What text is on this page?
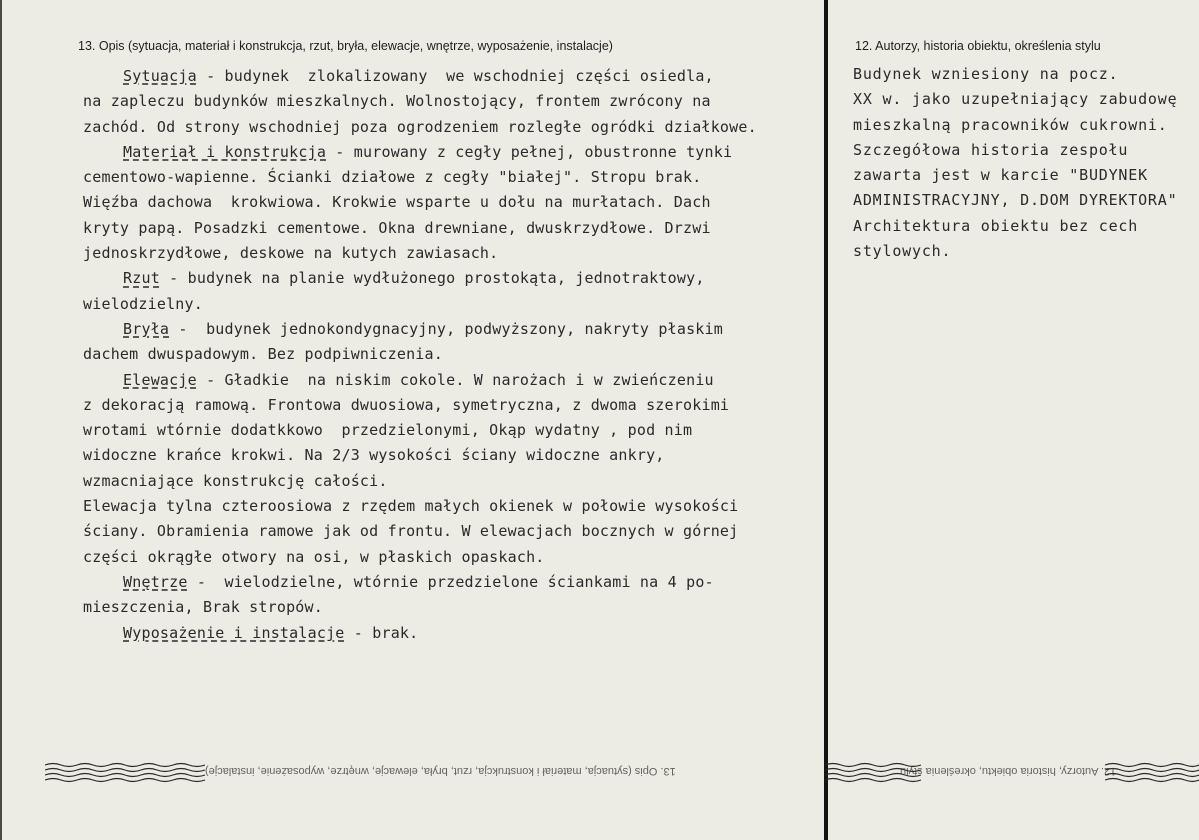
13. Opis (sytuacja, materiał i konstrukcja, rzut, bryła, elewacje, wnętrze, wyposażenie, instalacje)	12. Autorzy, historia obiektu, określenia stylu
Sytuacja - budynek  zlokalizowany  we wschodniej części osiedla,
na zapleczu budynków mieszkalnych. Wolnostojący, frontem zwrócony na
zachód. Od strony wschodniej poza ogrodzeniem rozległe ogródki działkowe.
Materiał i konstrukcja - murowany z cegły pełnej, obustronne tynki
cementowo-wapienne. Ścianki działowe z cegły "białej". Stropu brak.
Więźba dachowa  krokwiowa. Krokwie wsparte u dołu na murłatach. Dach
kryty papą. Posadzki cementowe. Okna drewniane, dwuskrzydłowe. Drzwi
jednoskrzydłowe, deskowe na kutych zawiasach.
Rzut - budynek na planie wydłużonego prostokąta, jednotraktowy,
wielodzielny.
Bryła -  budynek jednokondygnacyjny, podwyższony, nakryty płaskim
dachem dwuspadowym. Bez podpiwniczenia.
Elewacje - Gładkie  na niskim cokole. W narożach i w zwieńczeniu
z dekoracją ramową. Frontowa dwuosiowa, symetryczna, z dwoma szerokimi
wrotami wtórnie dodatkkowo  przedzielonymi, Okąp wydatny , pod nim
widoczne krańce krokwi. Na 2/3 wysokości ściany widoczne ankry,
wzmacniające konstrukcję całości.
Elewacja tylna czteroosiowa z rzędem małych okienek w połowie wysokości
ściany. Obramienia ramowe jak od frontu. W elewacjach bocznych w górnej
części okrągłe otwory na osi, w płaskich opaskach.
Wnętrze -  wielodzielne, wtórnie przedzielone ściankami na 4 po-
mieszczenia, Brak stropów.
Wyposażenie i instalacje - brak.
Budynek wzniesiony na pocz.
XX w. jako uzupełniający zabudowę
mieszkalną pracowników cukrowni.
Szczegółowa historia zespołu
zawarta jest w karcie "BUDYNEK
ADMINISTRACYJNY, D.DOM DYREKTORA"
Architektura obiektu bez cech
stylowych.
13. Opis (sytuacja, materiał i konstrukcja, rzut, bryła, elewacje, wnętrze, wyposażenie, instalacje)	12. Autorzy, historia obiektu, określenia stylu
